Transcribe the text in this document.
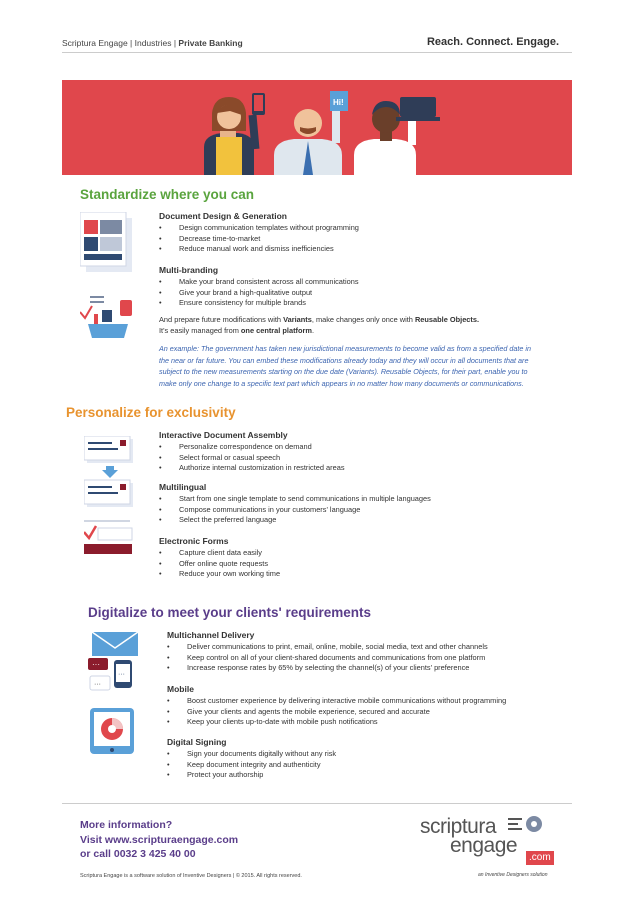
Scriptura Engage | Industries | Private Banking	Reach. Connect. Engage.
Hi!
Standardize where you can
Document Design & Generation
• Design communication templates without programming
• Decrease time-to-market
• Reduce manual work and dismiss inefficiencies
Multi-branding
• Make your brand consistent across all communications
• Give your brand a high-qualitative output
• Ensure consistency for multiple brands
And prepare future modifications with Variants, make changes only once with Reusable Objects.
It's easily managed from one central platform.
An example: The government has taken new jurisdictional measurements to become valid as from a specified date in
the near or far future. You can embed these modifications already today and they will occur in all documents that are
subject to the new measurements starting on the due date (Variants). Reusable Objects, for their part, enable you to
make only one change to a specific text part which appears in no matter how many documents or communications.
Personalize for exclusivity
Interactive Document Assembly
• Personalize correspondence on demand
• Select formal or casual speech
• Authorize internal customization in restricted areas
Multilingual
• Start from one single template to send communications in multiple languages
• Compose communications in your customers' language
• Select the preferred language
Electronic Forms
• Capture client data easily
• Offer online quote requests
• Reduce your own working time
Digitalize to meet your clients' requirements
···
···
···
Multichannel Delivery
• Deliver communications to print, email, online, mobile, social media, text and other channels
• Keep control on all of your client-shared documents and communications from one platform
• Increase response rates by 65% by selecting the channel(s) of your clients' preference
Mobile
• Boost customer experience by delivering interactive mobile communications without programming
• Give your clients and agents the mobile experience, secured and accurate
• Keep your clients up-to-date with mobile push notifications
Digital Signing
• Sign your documents digitally without any risk
• Keep document integrity and authenticity
• Protect your authorship
More information?
Visit www.scripturaengage.com
or call 0032 3 425 40 00
Scriptura Engage is a software solution of Inventive Designers | © 2015. All rights reserved.
scriptura
engage
.com
an Inventive Designers solution
